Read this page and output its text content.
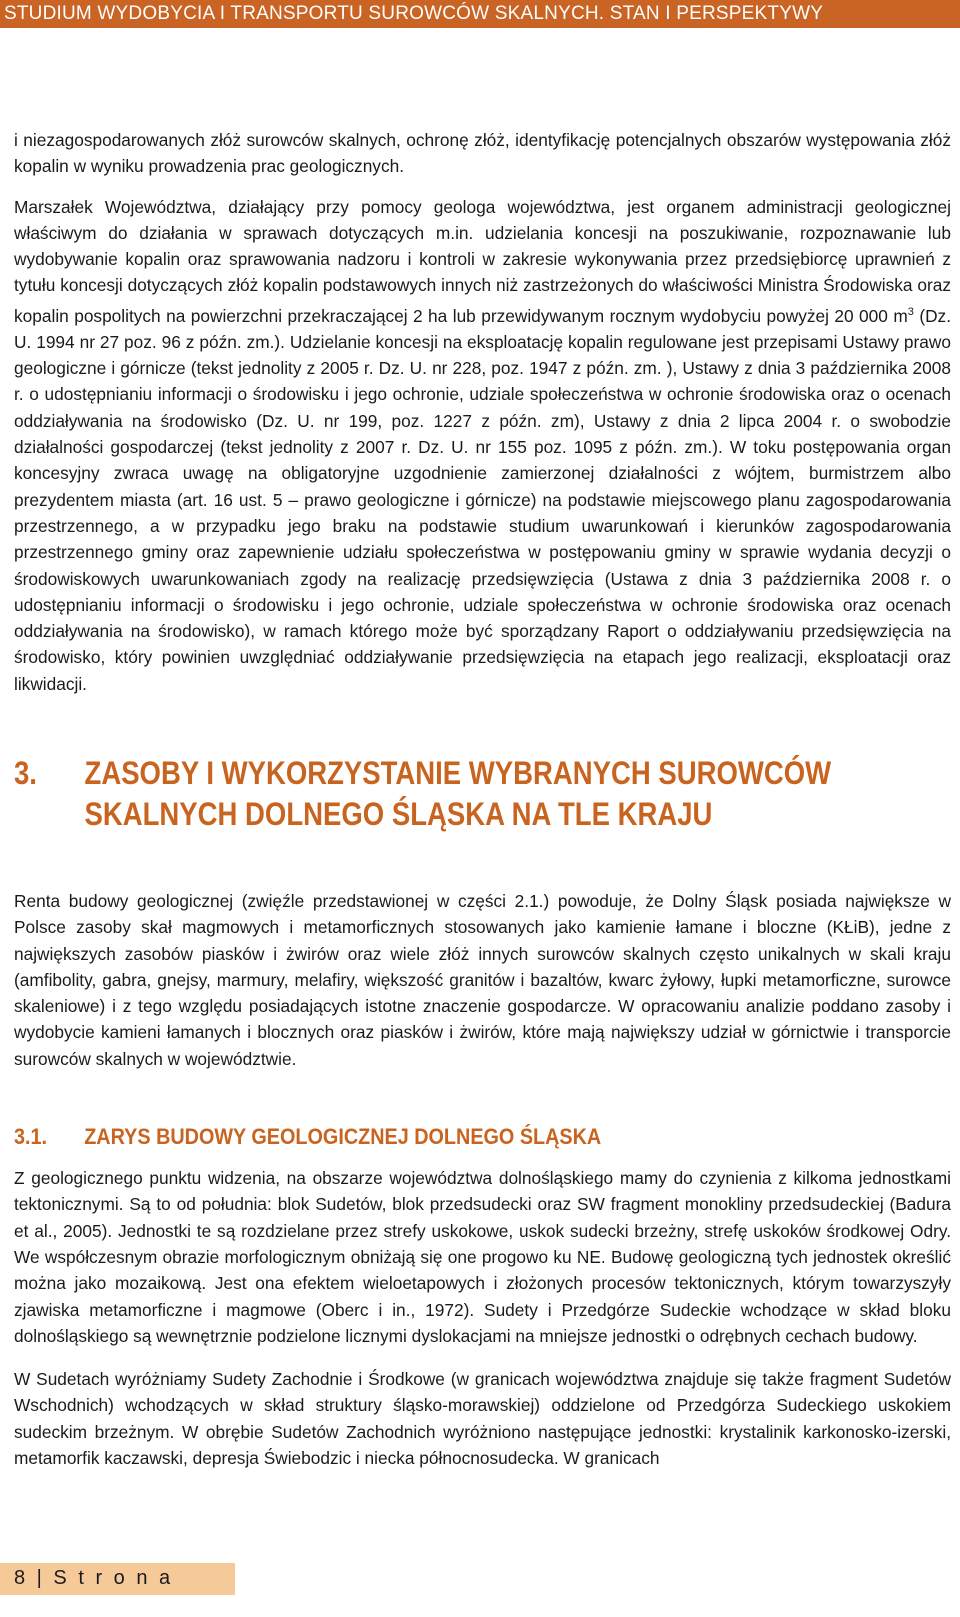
STUDIUM WYDOBYCIA I TRANSPORTU SUROWCÓW SKALNYCH. STAN I PERSPEKTYWY

i niezagospodarowanych złóż surowców skalnych, ochronę złóż, identyfikację potencjalnych obszarów występowania złóż kopalin w wyniku prowadzenia prac geologicznych.

Marszałek Województwa, działający przy pomocy geologa województwa, jest organem administracji geologicznej właściwym do działania w sprawach dotyczących m.in. udzielania koncesji na poszukiwanie, rozpoznawanie lub wydobywanie kopalin oraz sprawowania nadzoru i kontroli w zakresie wykonywania przez przedsiębiorcę uprawnień z tytułu koncesji dotyczących złóż kopalin podstawowych innych niż zastrzeżonych do właściwości Ministra Środowiska oraz kopalin pospolitych na powierzchni przekraczającej 2 ha lub przewidywanym rocznym wydobyciu powyżej 20 000 $m^3$ (Dz. U. 1994 nr 27 poz. 96 z późn. zm.). Udzielanie koncesji na eksploatację kopalin regulowane jest przepisami Ustawy prawo geologiczne i górnicze (tekst jednolity z 2005 r. Dz. U. nr 228, poz. 1947 z późn. zm. ), Ustawy z dnia 3 października 2008 r. o udostępnianiu informacji o środowisku i jego ochronie, udziale społeczeństwa w ochronie środowiska oraz o ocenach oddziaływania na środowisko (Dz. U. nr 199, poz. 1227 z późn. zm), Ustawy z dnia 2 lipca 2004 r. o swobodzie działalności gospodarczej (tekst jednolity z 2007 r. Dz. U. nr 155 poz. 1095 z późn. zm.). W toku postępowania organ koncesyjny zwraca uwagę na obligatoryjne uzgodnienie zamierzonej działalności z wójtem, burmistrzem albo prezydentem miasta (art. 16 ust. 5 – prawo geologiczne i górnicze) na podstawie miejscowego planu zagospodarowania przestrzennego, a w przypadku jego braku na podstawie studium uwarunkowań i kierunków zagospodarowania przestrzennego gminy oraz zapewnienie udziału społeczeństwa w postępowaniu gminy w sprawie wydania decyzji o środowiskowych uwarunkowaniach zgody na realizację przedsięwzięcia (Ustawa z dnia 3 października 2008 r. o udostępnianiu informacji o środowisku i jego ochronie, udziale społeczeństwa w ochronie środowiska oraz ocenach oddziaływania na środowisko), w ramach którego może być sporządzany Raport o oddziaływaniu przedsięwzięcia na środowisko, który powinien uwzględniać oddziaływanie przedsięwzięcia na etapach jego realizacji, eksploatacji oraz likwidacji.

3.	ZASOBY I WYKORZYSTANIE WYBRANYCH SUROWCÓW
SKALNYCH DOLNEGO ŚLĄSKA NA TLE KRAJU

Renta budowy geologicznej (zwięźle przedstawionej w części 2.1.) powoduje, że Dolny Śląsk posiada największe w Polsce zasoby skał magmowych i metamorficznych stosowanych jako kamienie łamane i bloczne (KŁiB), jedne z największych zasobów piasków i żwirów oraz wiele złóż innych surowców skalnych często unikalnych w skali kraju (amfibolity, gabra, gnejsy, marmury, melafiry, większość granitów i bazaltów, kwarc żyłowy, łupki metamorficzne, surowce skaleniowe) i z tego względu posiadających istotne znaczenie gospodarcze. W opracowaniu analizie poddano zasoby i wydobycie kamieni łamanych i blocznych oraz piasków i żwirów, które mają największy udział w górnictwie i transporcie surowców skalnych w województwie.

3.1.	ZARYS BUDOWY GEOLOGICZNEJ DOLNEGO ŚLĄSKA

Z geologicznego punktu widzenia, na obszarze województwa dolnośląskiego mamy do czynienia z kilkoma jednostkami tektonicznymi. Są to od południa: blok Sudetów, blok przedsudecki oraz SW fragment monokliny przedsudeckiej (Badura et al., 2005). Jednostki te są rozdzielane przez strefy uskokowe, uskok sudecki brzeżny, strefę uskoków środkowej Odry. We współczesnym obrazie morfologicznym obniżają się one progowo ku NE. Budowę geologiczną tych jednostek określić można jako mozaikową. Jest ona efektem wieloetapowych i złożonych procesów tektonicznych, którym towarzyszyły zjawiska metamorficzne i magmowe (Oberc i in., 1972). Sudety i Przedgórze Sudeckie wchodzące w skład bloku dolnośląskiego są wewnętrznie podzielone licznymi dyslokacjami na mniejsze jednostki o odrębnych cechach budowy.

W Sudetach wyróżniamy Sudety Zachodnie i Środkowe (w granicach województwa znajduje się także fragment Sudetów Wschodnich) wchodzących w skład struktury śląsko-morawskiej) oddzielone od Przedgórza Sudeckiego uskokiem sudeckim brzeżnym. W obrębie Sudetów Zachodnich wyróżniono następujące jednostki: krystalinik karkonosko-izerski, metamorfik kaczawski, depresja Świebodzic i niecka północnosudecka. W granicach

8 | S t r o n a
